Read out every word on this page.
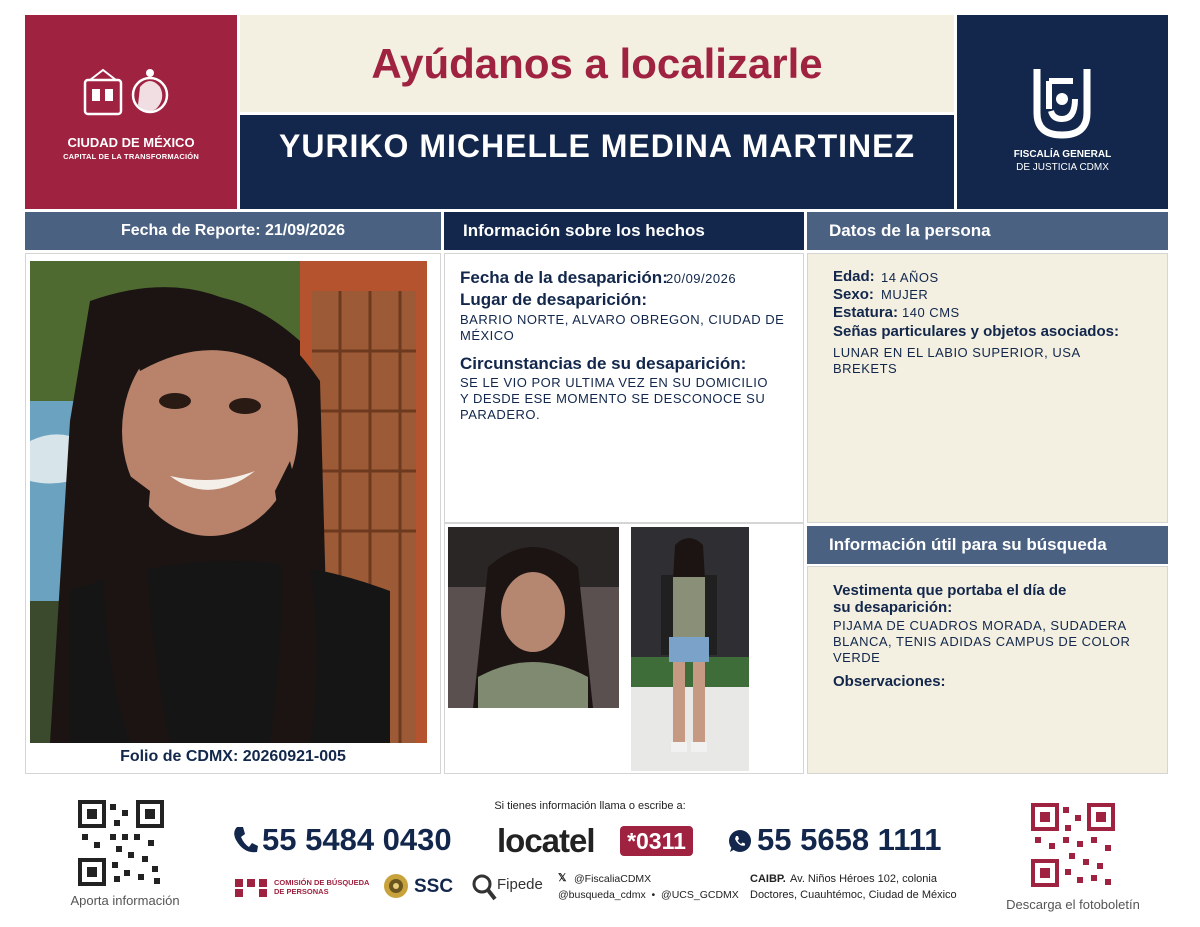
CIUDAD DE MÉXICO
CAPITAL DE LA TRANSFORMACIÓN
Ayúdanos a localizarle
YURIKO MICHELLE MEDINA MARTINEZ	FISCALÍA GENERAL
DE JUSTICIA CDMX
Fecha de Reporte: 21/09/2026	Información sobre los hechos	Datos de la persona
Folio de CDMX: 20260921-005
Fecha de la desaparición:
20/09/2026
Lugar de desaparición:
BARRIO NORTE, ALVARO OBREGON, CIUDAD DE MÉXICO
Circunstancias de su desaparición:
SE LE VIO POR ULTIMA VEZ EN SU DOMICILIO Y DESDE ESE MOMENTO SE DESCONOCE SU PARADERO.
Edad: 14 AÑOS
Sexo: MUJER
Estatura: 140 CMS
Señas particulares y objetos asociados:
LUNAR EN EL LABIO SUPERIOR, USA BREKETS
Información útil para su búsqueda
Vestimenta que portaba el día de
su desaparición:
PIJAMA DE CUADROS MORADA, SUDADERA BLANCA, TENIS ADIDAS CAMPUS DE COLOR VERDE
Observaciones:
Aporta información
Si tienes información llama o escribe a:
55 5484 0430 locatel	*0311 55 5658 1111
COMISIÓN DE BÚSQUEDA DE PERSONAS	SSC	Fipede 𝕏 @FiscaliaCDMX
@busqueda_cdmx  •  @UCS_GCDMX
CAIBP. Av. Niños Héroes 102, colonia
Doctores, Cuauhtémoc, Ciudad de México
Descarga el fotoboletín
